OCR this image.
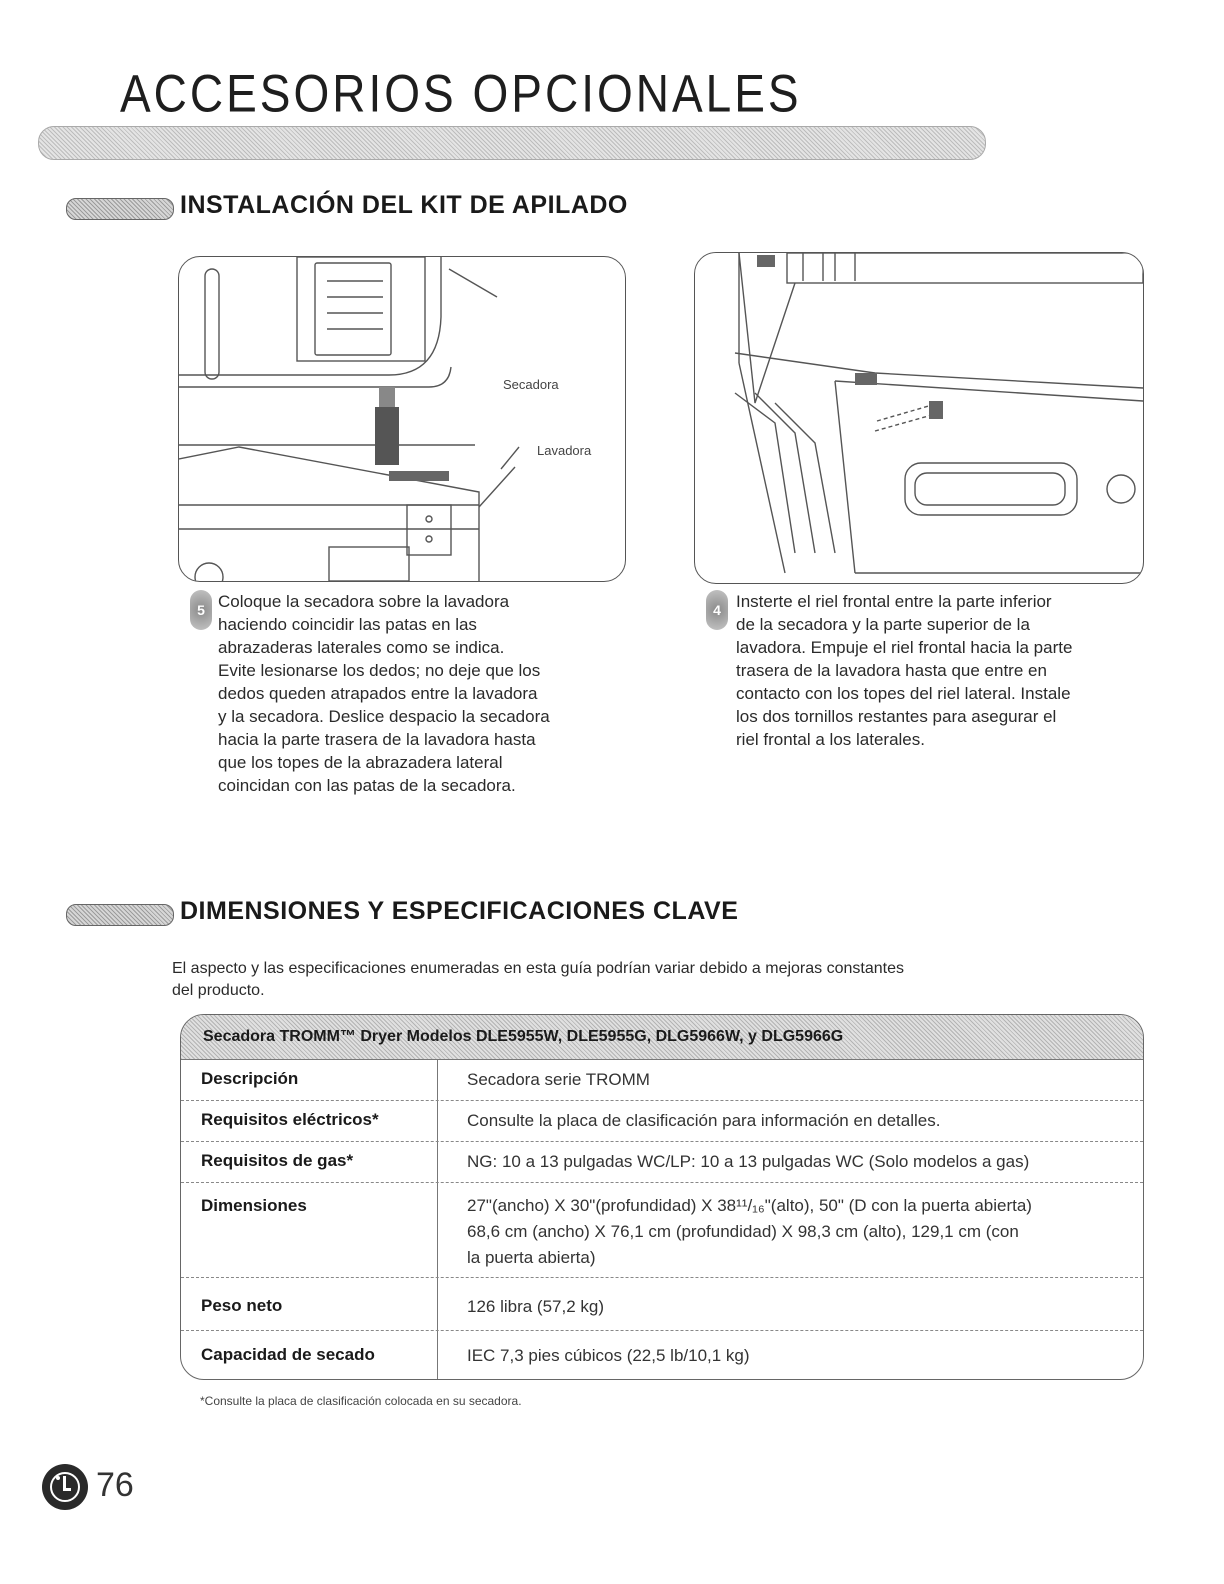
ACCESORIOS OPCIONALES
INSTALACIÓN DEL KIT DE APILADO
Secadora
Lavadora
5 Coloque la secadora sobre la lavadora
haciendo coincidir las patas en las
abrazaderas laterales como se indica.
Evite lesionarse los dedos; no deje que los
dedos queden atrapados entre la lavadora
y la secadora. Deslice despacio la secadora
hacia la parte trasera de la lavadora hasta
que los topes de la abrazadera lateral
coincidan con las patas de la secadora.
4 Insterte el riel frontal entre la parte inferior
de la secadora y la parte superior de la
lavadora. Empuje el riel frontal hacia la parte
trasera de la lavadora hasta que entre en
contacto con los topes del riel lateral. Instale
los dos tornillos restantes para asegurar el
riel frontal a los laterales.
DIMENSIONES Y ESPECIFICACIONES CLAVE
El aspecto y las especificaciones enumeradas en esta guía podrían variar debido a mejoras constantes
del producto.
Secadora TROMM™ Dryer Modelos DLE5955W, DLE5955G, DLG5966W, y DLG5966G
Descripción	Secadora serie TROMM
Requisitos eléctricos*	Consulte la placa de clasificación para información en detalles.
Requisitos de gas*	NG: 10 a 13 pulgadas WC/LP: 10 a 13 pulgadas WC (Solo modelos a gas)
Dimensiones	27"(ancho) X 30"(profundidad) X 38¹¹/₁₆"(alto), 50" (D con la puerta abierta)
68,6 cm (ancho) X 76,1 cm (profundidad) X 98,3 cm (alto), 129,1 cm (con
la puerta abierta)
Peso neto	126 libra (57,2 kg)
Capacidad de secado	IEC 7,3 pies cúbicos (22,5 lb/10,1 kg)

*Consulte la placa de clasificación colocada en su secadora.

76
